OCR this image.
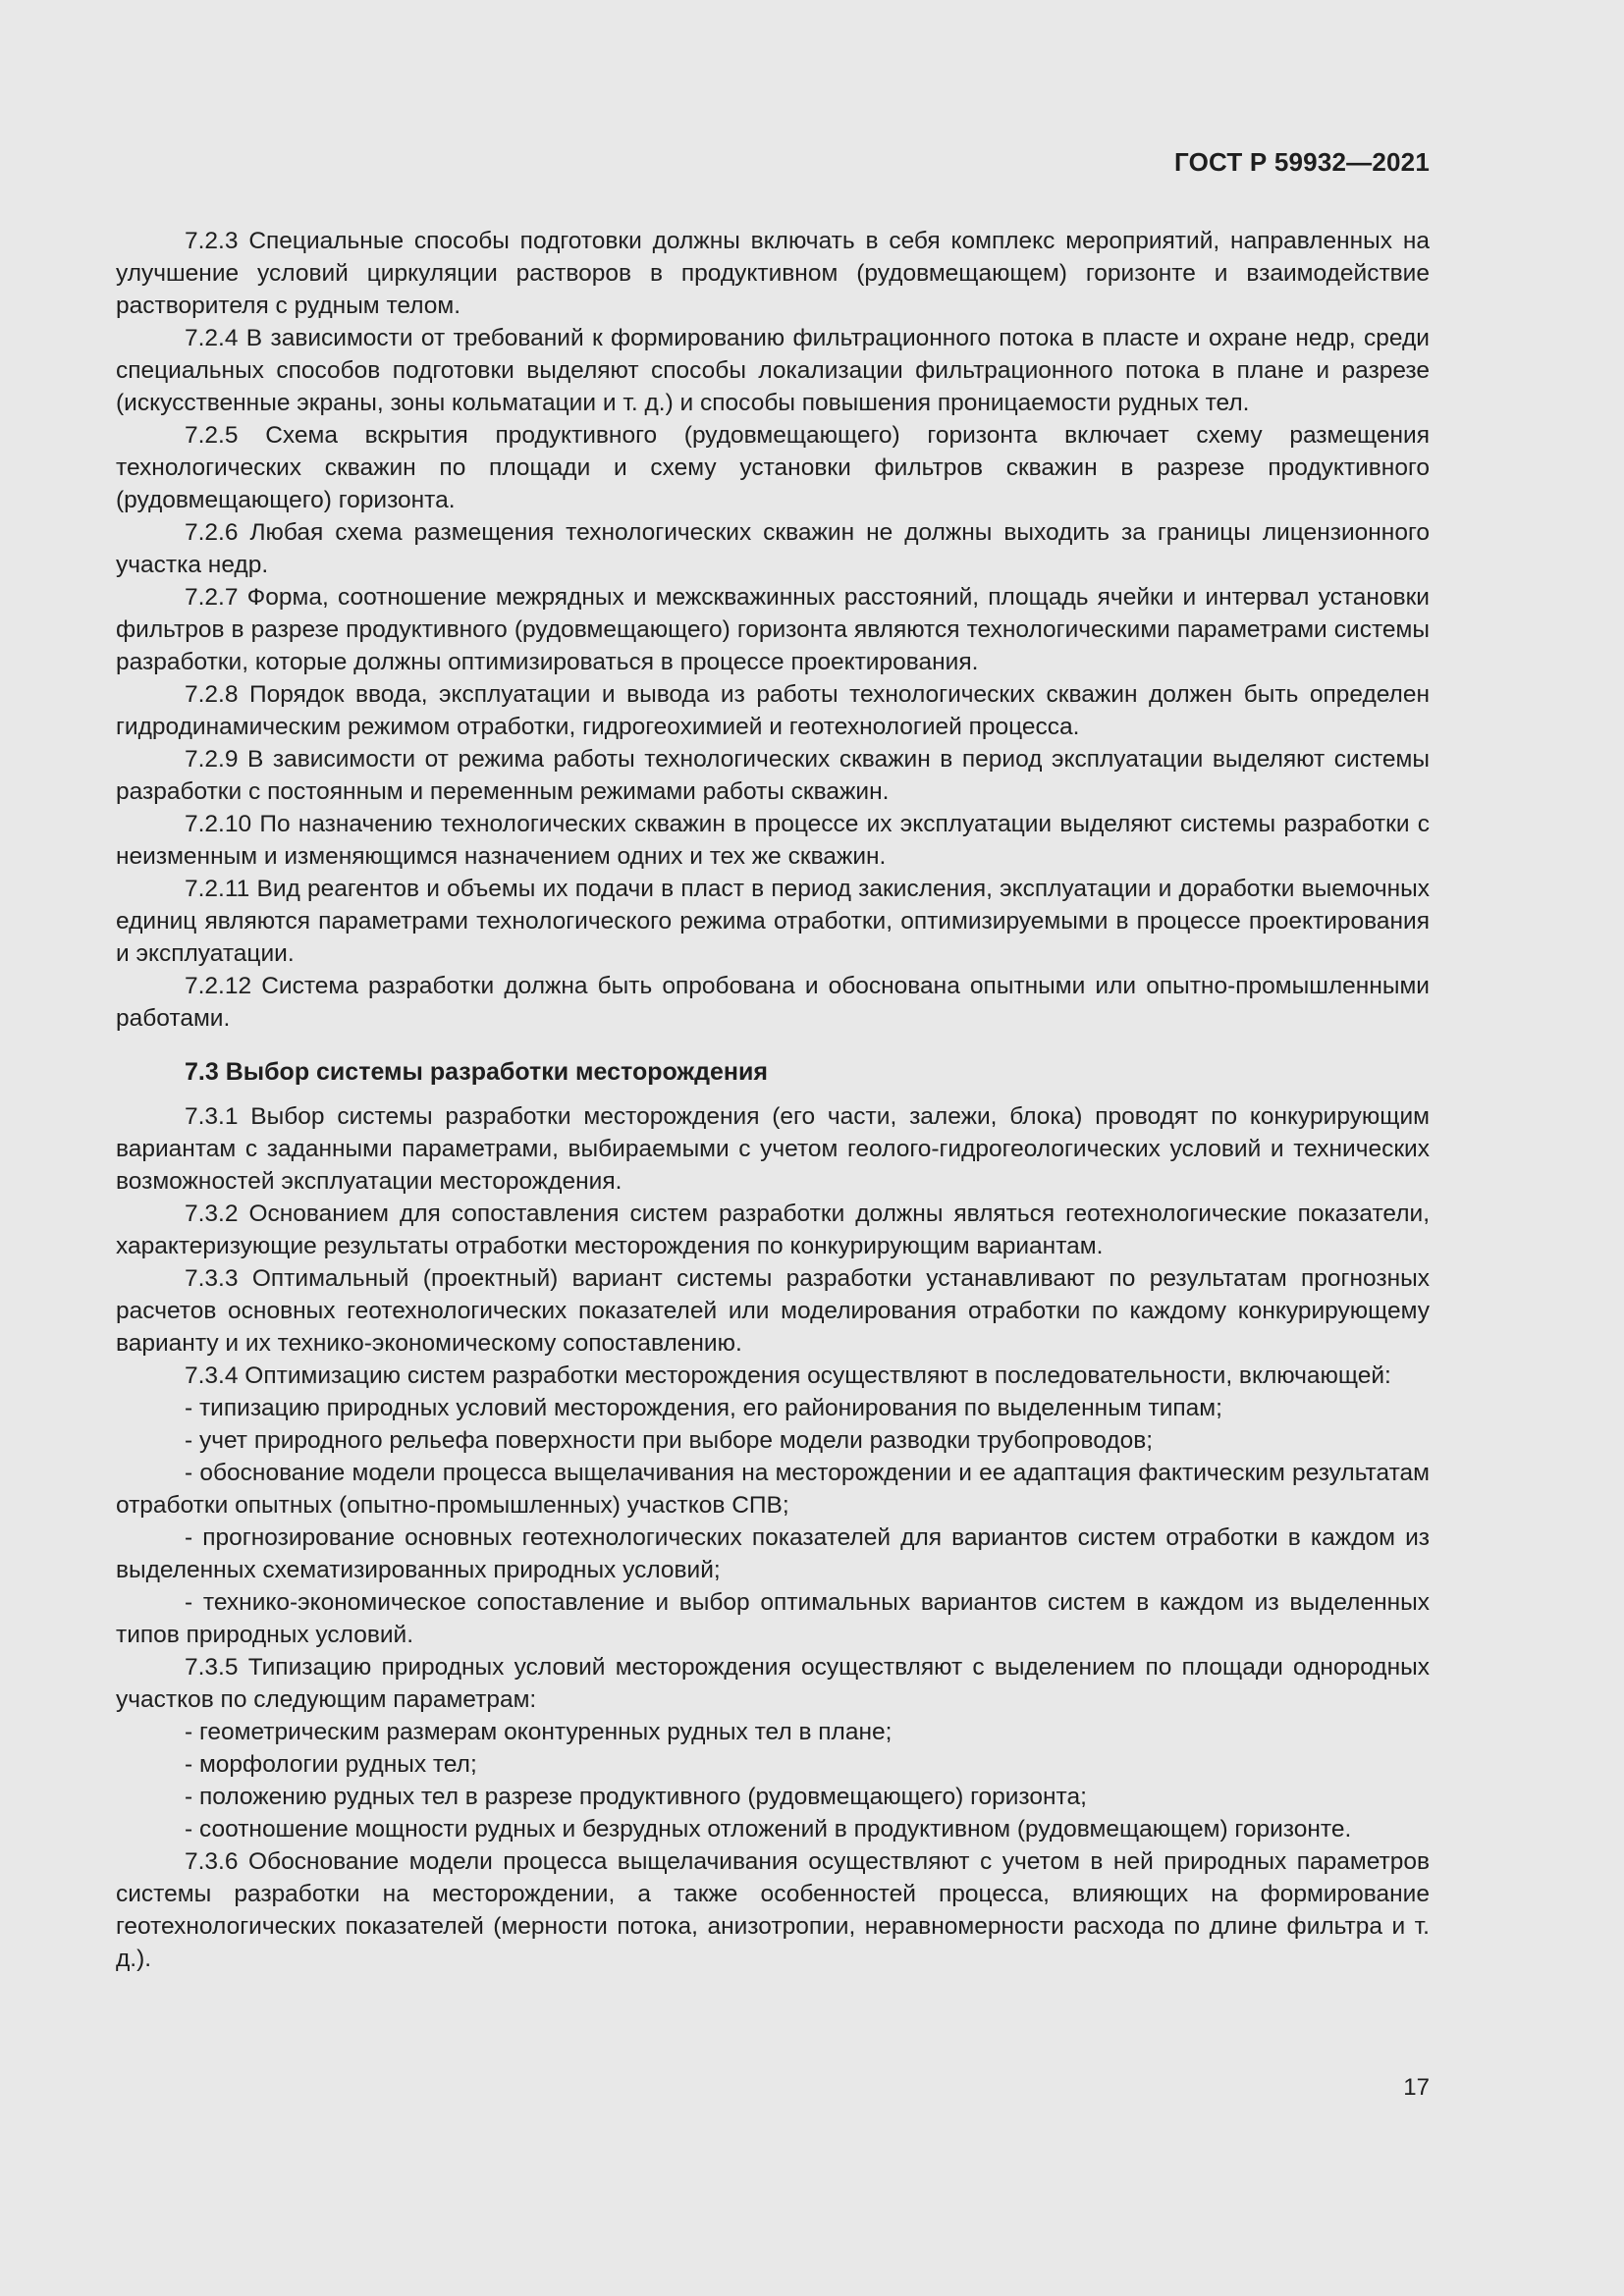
ГОСТ Р 59932—2021

7.2.3 Специальные способы подготовки должны включать в себя комплекс мероприятий, направленных на улучшение условий циркуляции растворов в продуктивном (рудовмещающем) горизонте и взаимодействие растворителя с рудным телом.

7.2.4 В зависимости от требований к формированию фильтрационного потока в пласте и охране недр, среди специальных способов подготовки выделяют способы локализации фильтрационного потока в плане и разрезе (искусственные экраны, зоны кольматации и т. д.) и способы повышения проницаемости рудных тел.

7.2.5 Схема вскрытия продуктивного (рудовмещающего) горизонта включает схему размещения технологических скважин по площади и схему установки фильтров скважин в разрезе продуктивного (рудовмещающего) горизонта.

7.2.6 Любая схема размещения технологических скважин не должны выходить за границы лицензионного участка недр.

7.2.7 Форма, соотношение межрядных и межскважинных расстояний, площадь ячейки и интервал установки фильтров в разрезе продуктивного (рудовмещающего) горизонта являются технологическими параметрами системы разработки, которые должны оптимизироваться в процессе проектирования.

7.2.8 Порядок ввода, эксплуатации и вывода из работы технологических скважин должен быть определен гидродинамическим режимом отработки, гидрогеохимией и геотехнологией процесса.

7.2.9 В зависимости от режима работы технологических скважин в период эксплуатации выделяют системы разработки с постоянным и переменным режимами работы скважин.

7.2.10 По назначению технологических скважин в процессе их эксплуатации выделяют системы разработки с неизменным и изменяющимся назначением одних и тех же скважин.

7.2.11 Вид реагентов и объемы их подачи в пласт в период закисления, эксплуатации и доработки выемочных единиц являются параметрами технологического режима отработки, оптимизируемыми в процессе проектирования и эксплуатации.

7.2.12 Система разработки должна быть опробована и обоснована опытными или опытно-промышленными работами.

7.3 Выбор системы разработки месторождения

7.3.1 Выбор системы разработки месторождения (его части, залежи, блока) проводят по конкурирующим вариантам с заданными параметрами, выбираемыми с учетом геолого-гидрогеологических условий и технических возможностей эксплуатации месторождения.

7.3.2 Основанием для сопоставления систем разработки должны являться геотехнологические показатели, характеризующие результаты отработки месторождения по конкурирующим вариантам.

7.3.3 Оптимальный (проектный) вариант системы разработки устанавливают по результатам прогнозных расчетов основных геотехнологических показателей или моделирования отработки по каждому конкурирующему варианту и их технико-экономическому сопоставлению.

7.3.4 Оптимизацию систем разработки месторождения осуществляют в последовательности, включающей:

- типизацию природных условий месторождения, его районирования по выделенным типам;

- учет природного рельефа поверхности при выборе модели разводки трубопроводов;

- обоснование модели процесса выщелачивания на месторождении и ее адаптация фактическим результатам отработки опытных (опытно-промышленных) участков СПВ;

- прогнозирование основных геотехнологических показателей для вариантов систем отработки в каждом из выделенных схематизированных природных условий;

- технико-экономическое сопоставление и выбор оптимальных вариантов систем в каждом из выделенных типов природных условий.

7.3.5 Типизацию природных условий месторождения осуществляют с выделением по площади однородных участков по следующим параметрам:

- геометрическим размерам оконтуренных рудных тел в плане;

- морфологии рудных тел;

- положению рудных тел в разрезе продуктивного (рудовмещающего) горизонта;

- соотношение мощности рудных и безрудных отложений в продуктивном (рудовмещающем) горизонте.

7.3.6 Обоснование модели процесса выщелачивания осуществляют с учетом в ней природных параметров системы разработки на месторождении, а также особенностей процесса, влияющих на формирование геотехнологических показателей (мерности потока, анизотропии, неравномерности расхода по длине фильтра и т. д.).

17
